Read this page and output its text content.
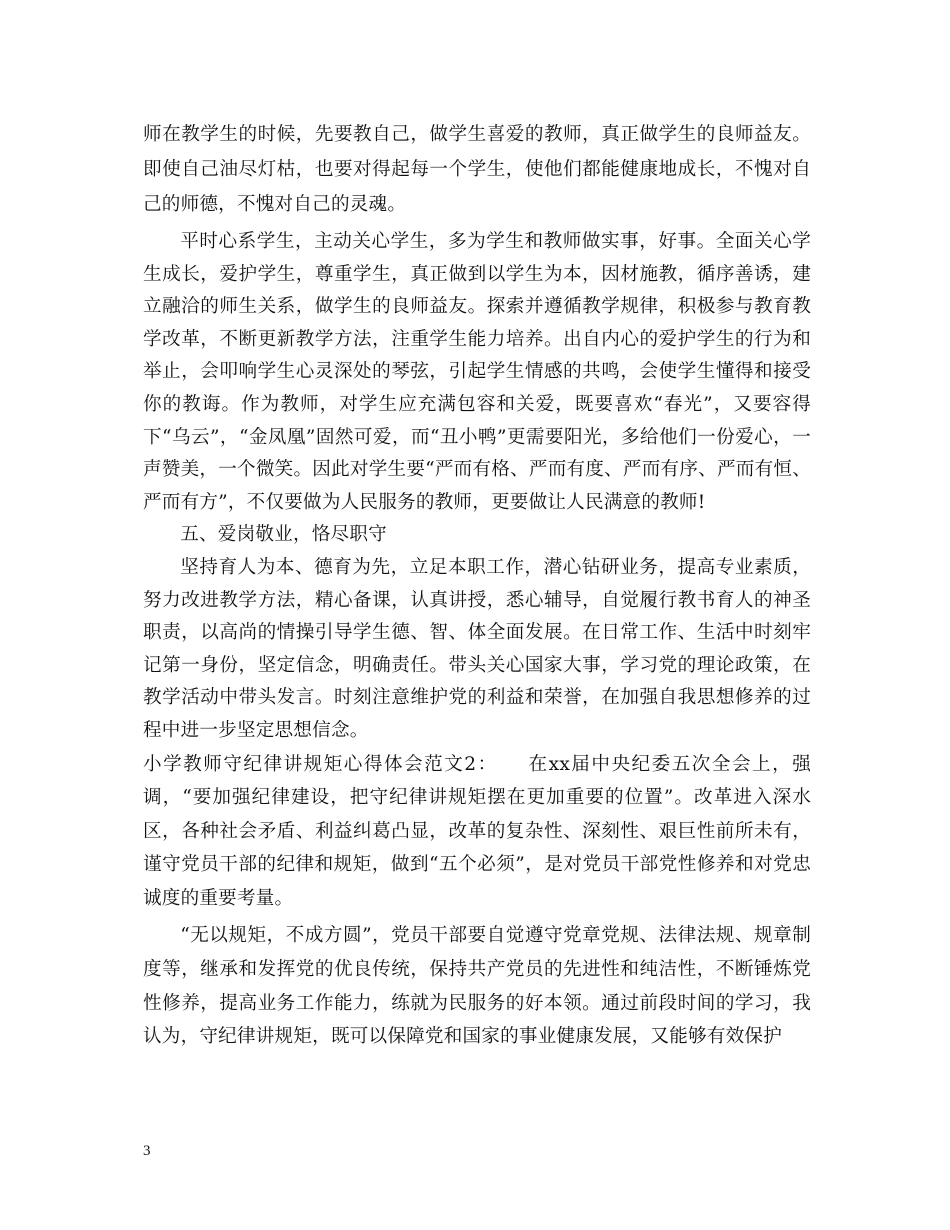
师在教学生的时候，先要教自己，做学生喜爱的教师，真正做学生的良师益友。即使自己油尽灯枯，也要对得起每一个学生，使他们都能健康地成长，不愧对自己的师德，不愧对自己的灵魂。

平时心系学生，主动关心学生，多为学生和教师做实事，好事。全面关心学生成长，爱护学生，尊重学生，真正做到以学生为本，因材施教，循序善诱，建立融洽的师生关系，做学生的良师益友。探索并遵循教学规律，积极参与教育教学改革，不断更新教学方法，注重学生能力培养。出自内心的爱护学生的行为和举止，会叩响学生心灵深处的琴弦，引起学生情感的共鸣，会使学生懂得和接受你的教诲。作为教师，对学生应充满包容和关爱，既要喜欢“春光”，又要容得下“乌云”，“金凤凰”固然可爱，而“丑小鸭”更需要阳光，多给他们一份爱心，一声赞美，一个微笑。因此对学生要“严而有格、严而有度、严而有序、严而有恒、严而有方”，不仅要做为人民服务的教师，更要做让人民满意的教师!

五、爱岗敬业，恪尽职守

坚持育人为本、德育为先，立足本职工作，潜心钻研业务，提高专业素质，努力改进教学方法，精心备课，认真讲授，悉心辅导，自觉履行教书育人的神圣职责，以高尚的情操引导学生德、智、体全面发展。在日常工作、生活中时刻牢记第一身份，坚定信念，明确责任。带头关心国家大事，学习党的理论政策，在教学活动中带头发言。时刻注意维护党的利益和荣誉，在加强自我思想修养的过程中进一步坚定思想信念。

小学教师守纪律讲规矩心得体会范文2：　　在xx届中央纪委五次全会上，强调，“要加强纪律建设，把守纪律讲规矩摆在更加重要的位置”。改革进入深水区，各种社会矛盾、利益纠葛凸显，改革的复杂性、深刻性、艰巨性前所未有，谨守党员干部的纪律和规矩，做到“五个必须”，是对党员干部党性修养和对党忠诚度的重要考量。

“无以规矩，不成方圆”，党员干部要自觉遵守党章党规、法律法规、规章制度等，继承和发挥党的优良传统，保持共产党员的先进性和纯洁性，不断锤炼党性修养，提高业务工作能力，练就为民服务的好本领。通过前段时间的学习，我认为，守纪律讲规矩，既可以保障党和国家的事业健康发展，又能够有效保护

3
